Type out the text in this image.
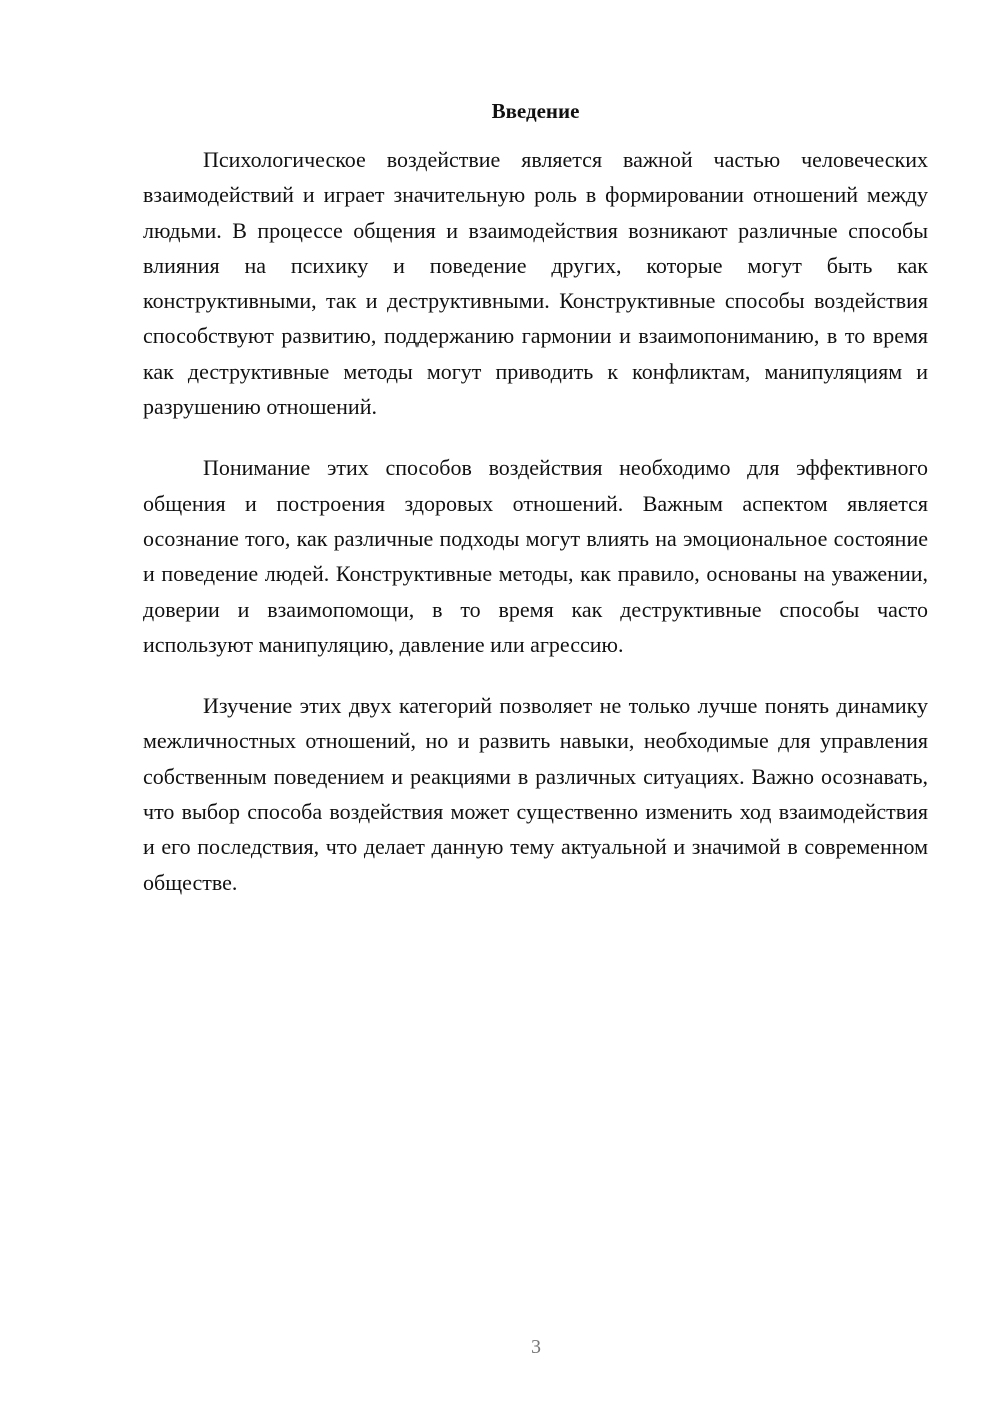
Введение

Психологическое воздействие является важной частью человеческих взаимодействий и играет значительную роль в формировании отношений между людьми. В процессе общения и взаимодействия возникают различные способы влияния на психику и поведение других, которые могут быть как конструктивными, так и деструктивными. Конструктивные способы воздействия способствуют развитию, поддержанию гармонии и взаимопониманию, в то время как деструктивные методы могут приводить к конфликтам, манипуляциям и разрушению отношений.

Понимание этих способов воздействия необходимо для эффективного общения и построения здоровых отношений. Важным аспектом является осознание того, как различные подходы могут влиять на эмоциональное состояние и поведение людей. Конструктивные методы, как правило, основаны на уважении, доверии и взаимопомощи, в то время как деструктивные способы часто используют манипуляцию, давление или агрессию.

Изучение этих двух категорий позволяет не только лучше понять динамику межличностных отношений, но и развить навыки, необходимые для управления собственным поведением и реакциями в различных ситуациях. Важно осознавать, что выбор способа воздействия может существенно изменить ход взаимодействия и его последствия, что делает данную тему актуальной и значимой в современном обществе.

3
